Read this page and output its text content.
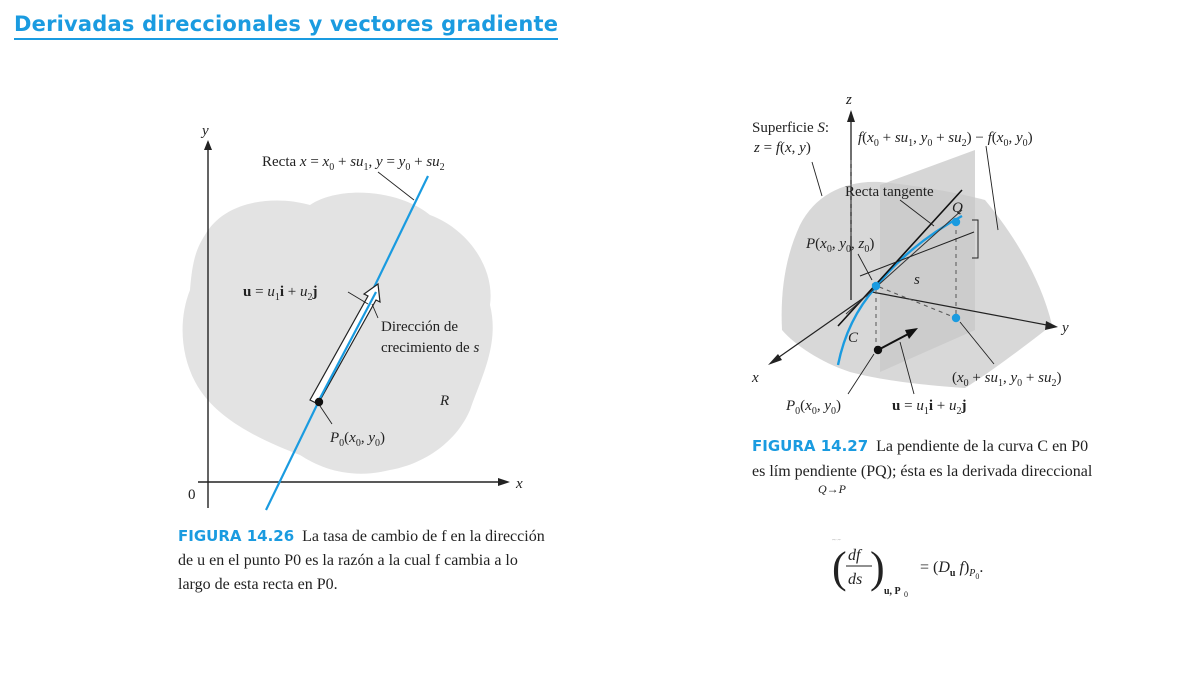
Derivadas direccionales y vectores gradiente
y
x
0
Recta $x = x_0 + su_1$, $y = y_0 + su_2$
$u = u_1i + u_2j$
Dirección de
crecimiento de s
R
$P_0(x_0$, $y_0$)
FIGURA 14.26 La tasa de cambio de f en la dirección de u en el punto P0 es la razón a la cual f cambia a lo largo de esta recta en P0.
z
y
x
Superficie S:
z = f(x, y)
$f(x_0 + su_1$, $y_0 + su_2) - f(x_0$, $y_0$)
Recta tangente
Q
$P(x_0$, $y_0$, $z_0$)
s
C
($x_0 + su_1$, $y_0 + su_2$)
$P_0(x_0$, $y_0$)	$u = u_1i + u_2j$
FIGURA 14.27 La pendiente de la curva C en P0 es lím pendiente (PQ); ésta es la derivada direccional
Q→P
( df
ds ) u, P 0
= ($D_u$ $f)_P0$.
(df/ds)u,P0 = (Duf)P0.
